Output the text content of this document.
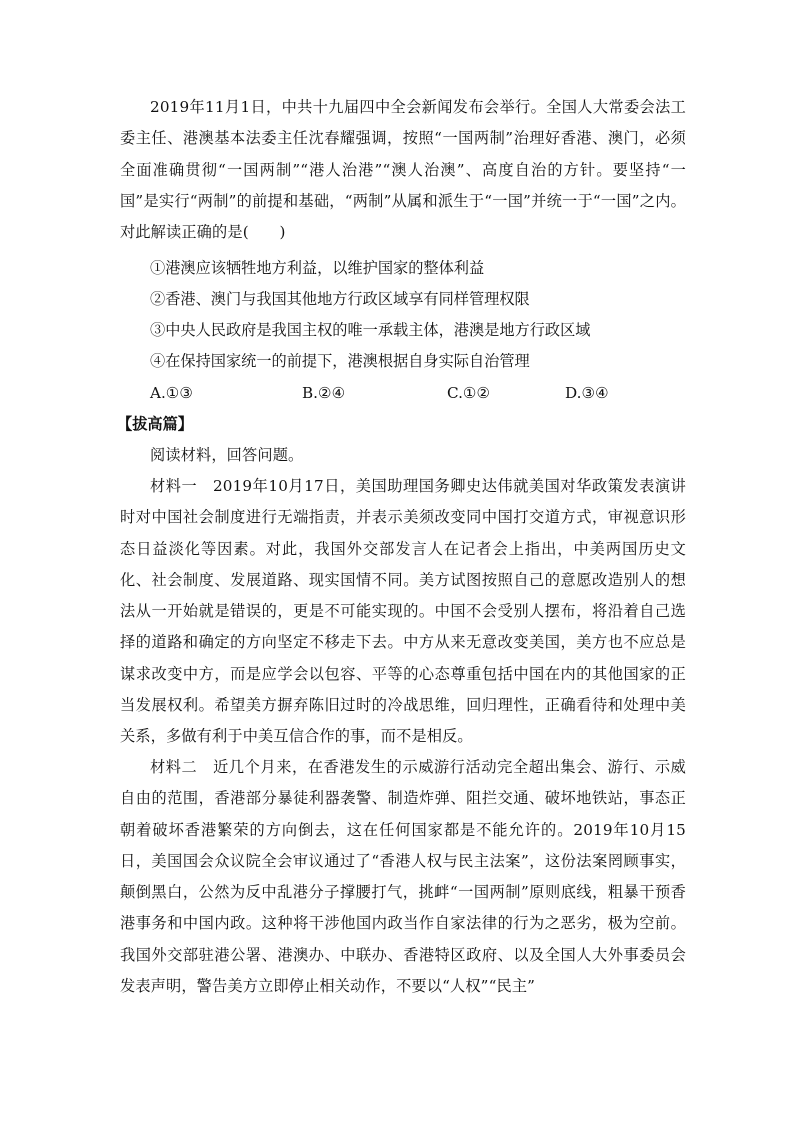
2019年11月1日，中共十九届四中全会新闻发布会举行。全国人大常委会法工委主任、港澳基本法委主任沈春耀强调，按照“一国两制”治理好香港、澳门，必须全面准确贯彻“一国两制”“港人治港”“澳人治澳”、高度自治的方针。要坚持“一国”是实行“两制”的前提和基础，“两制”从属和派生于“一国”并统一于“一国”之内。对此解读正确的是(　　)

①港澳应该牺牲地方利益，以维护国家的整体利益
②香港、澳门与我国其他地方行政区域享有同样管理权限
③中央人民政府是我国主权的唯一承载主体，港澳是地方行政区域
④在保持国家统一的前提下，港澳根据自身实际自治管理
A.①③	B.②④	C.①②	D.③④
【拔高篇】

阅读材料，回答问题。

材料一　2019年10月17日，美国助理国务卿史达伟就美国对华政策发表演讲时对中国社会制度进行无端指责，并表示美须改变同中国打交道方式，审视意识形态日益淡化等因素。对此，我国外交部发言人在记者会上指出，中美两国历史文化、社会制度、发展道路、现实国情不同。美方试图按照自己的意愿改造别人的想法从一开始就是错误的，更是不可能实现的。中国不会受别人摆布，将沿着自己选择的道路和确定的方向坚定不移走下去。中方从来无意改变美国，美方也不应总是谋求改变中方，而是应学会以包容、平等的心态尊重包括中国在内的其他国家的正当发展权利。希望美方摒弃陈旧过时的冷战思维，回归理性，正确看待和处理中美关系，多做有利于中美互信合作的事，而不是相反。

材料二　近几个月来，在香港发生的示威游行活动完全超出集会、游行、示威自由的范围，香港部分暴徒利器袭警、制造炸弹、阻拦交通、破坏地铁站，事态正朝着破坏香港繁荣的方向倒去，这在任何国家都是不能允许的。2019年10月15日，美国国会众议院全会审议通过了“香港人权与民主法案”，这份法案罔顾事实，颠倒黑白，公然为反中乱港分子撑腰打气，挑衅“一国两制”原则底线，粗暴干预香港事务和中国内政。这种将干涉他国内政当作自家法律的行为之恶劣，极为空前。我国外交部驻港公署、港澳办、中联办、香港特区政府、以及全国人大外事委员会发表声明，警告美方立即停止相关动作，不要以“人权”“民主”
